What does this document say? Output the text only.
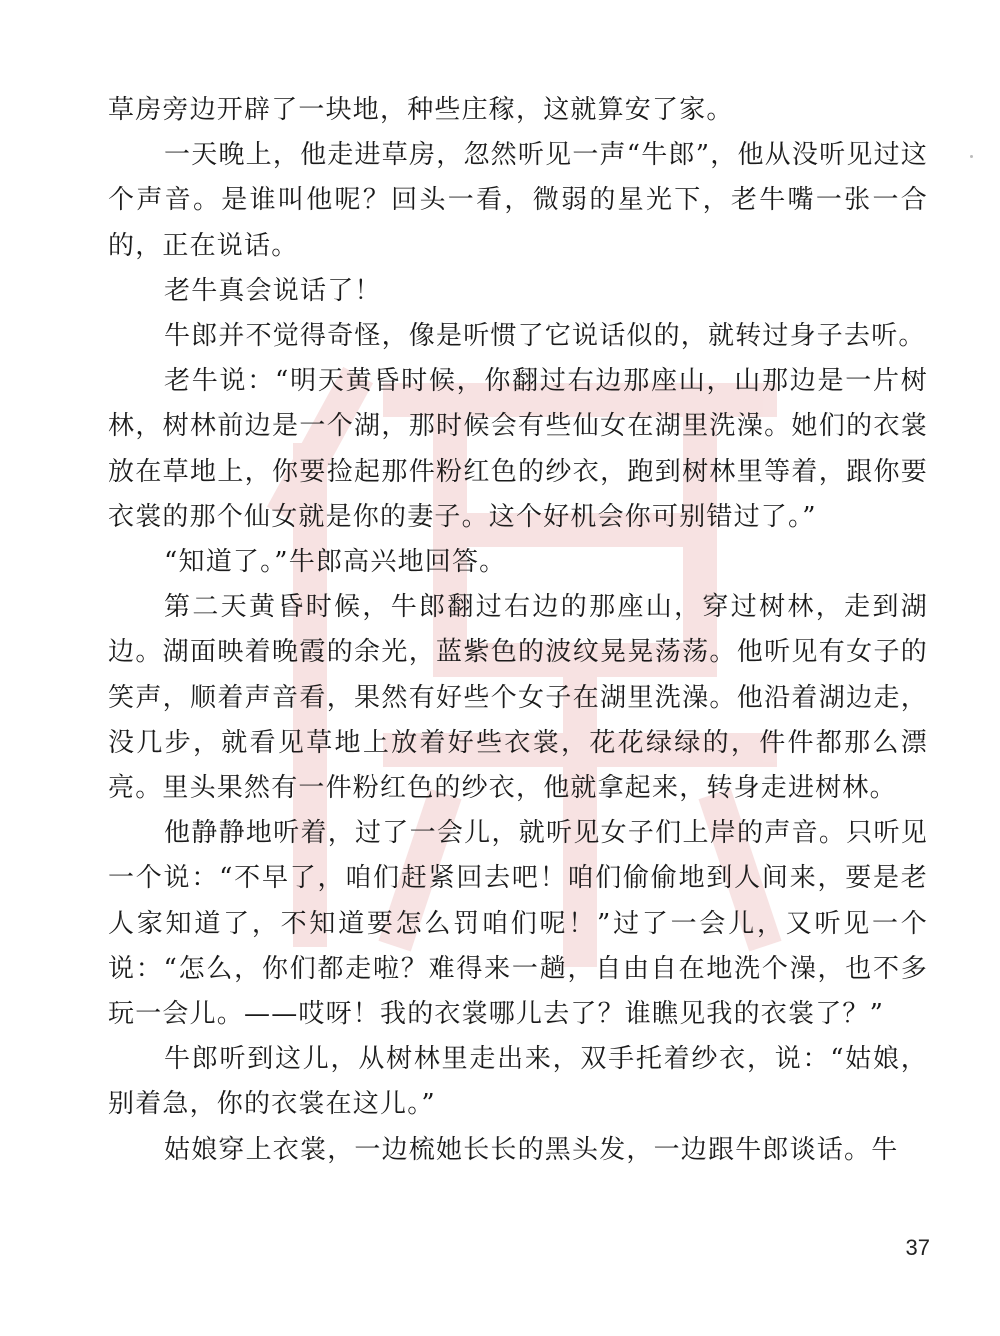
草房旁边开辟了一块地，种些庄稼，这就算安了家。

一天晚上，他走进草房，忽然听见一声“牛郎”，他从没听见过这个声音。是谁叫他呢？回头一看，微弱的星光下，老牛嘴一张一合的，正在说话。

老牛真会说话了！

牛郎并不觉得奇怪，像是听惯了它说话似的，就转过身子去听。

老牛说：“明天黄昏时候，你翻过右边那座山，山那边是一片树林，树林前边是一个湖，那时候会有些仙女在湖里洗澡。她们的衣裳放在草地上，你要捡起那件粉红色的纱衣，跑到树林里等着，跟你要衣裳的那个仙女就是你的妻子。这个好机会你可别错过了。”

“知道了。”牛郎高兴地回答。

第二天黄昏时候，牛郎翻过右边的那座山，穿过树林，走到湖边。湖面映着晚霞的余光，蓝紫色的波纹晃晃荡荡。他听见有女子的笑声，顺着声音看，果然有好些个女子在湖里洗澡。他沿着湖边走，没几步，就看见草地上放着好些衣裳，花花绿绿的，件件都那么漂亮。里头果然有一件粉红色的纱衣，他就拿起来，转身走进树林。

他静静地听着，过了一会儿，就听见女子们上岸的声音。只听见一个说：“不早了，咱们赶紧回去吧！咱们偷偷地到人间来，要是老人家知道了，不知道要怎么罚咱们呢！”过了一会儿，又听见一个说：“怎么，你们都走啦？难得来一趟，自由自在地洗个澡，也不多玩一会儿。——哎呀！我的衣裳哪儿去了？谁瞧见我的衣裳了？”

牛郎听到这儿，从树林里走出来，双手托着纱衣，说：“姑娘，别着急，你的衣裳在这儿。”

姑娘穿上衣裳，一边梳她长长的黑头发，一边跟牛郎谈话。牛

37
